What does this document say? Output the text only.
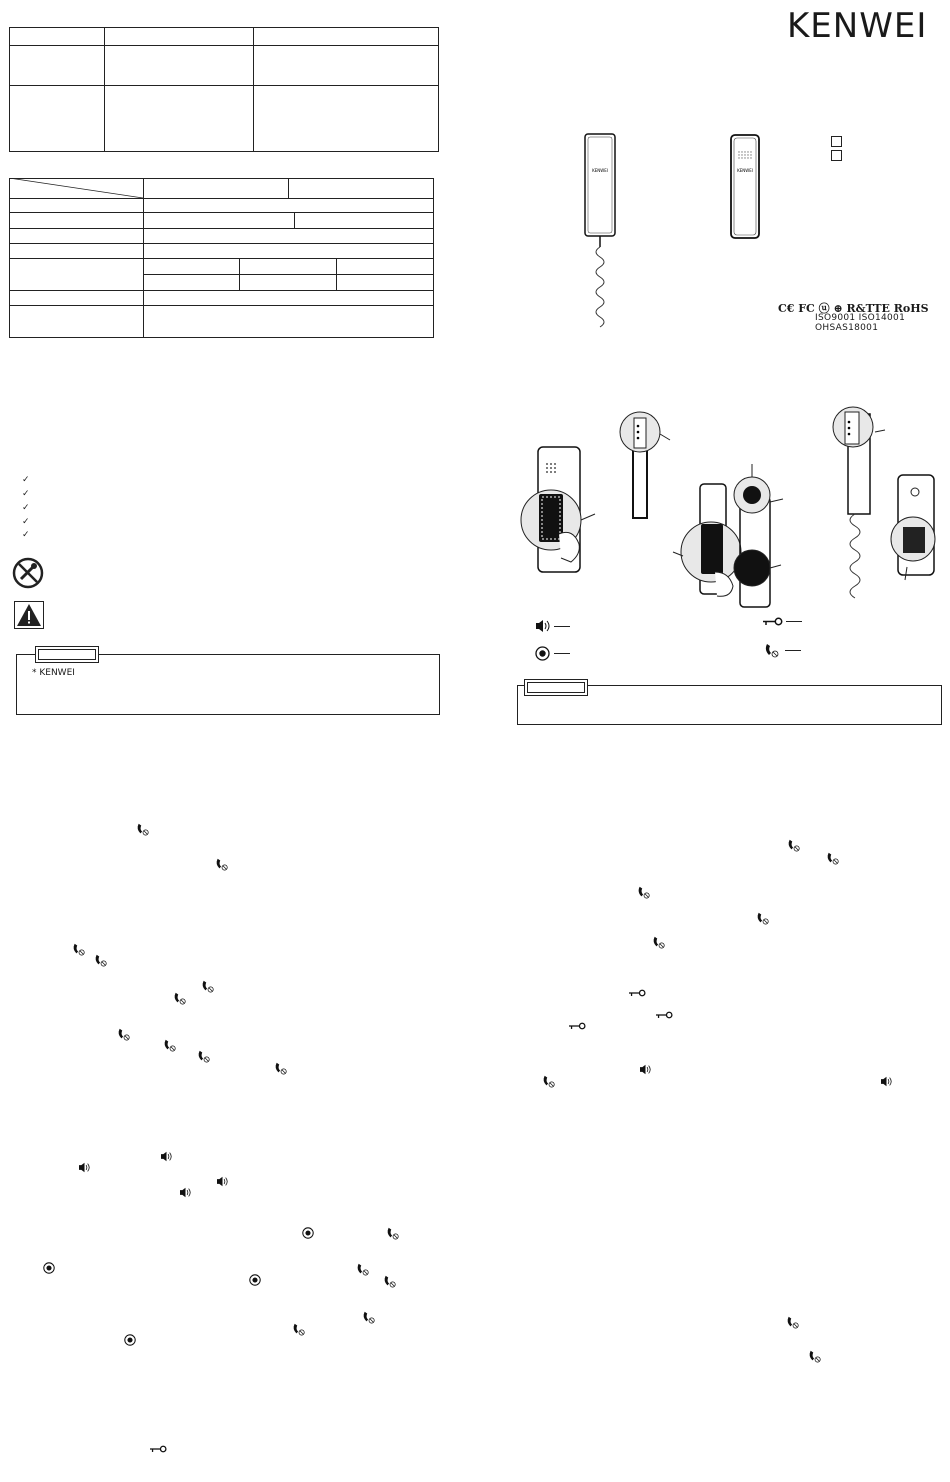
✓
✓
✓
✓
✓
* KENWEI
KENWEI
KENWEI	KENWEI
C€ FC ⓤ ⊕ R&TTE RoHS
ISO9001 ISO14001 OHSAS18001
